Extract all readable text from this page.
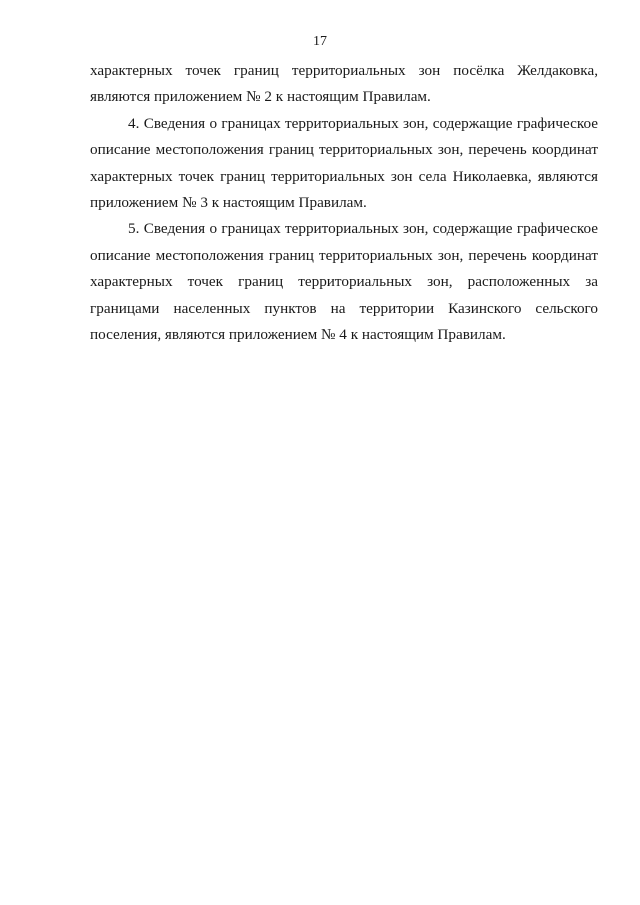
17
характерных точек границ территориальных зон посёлка Желдаковка,
являются приложением № 2 к настоящим Правилам.
4. Сведения о границах территориальных зон, содержащие графическое
описание местоположения границ территориальных зон, перечень координат
характерных точек границ территориальных зон села Николаевка, являются
приложением № 3 к настоящим Правилам.
5. Сведения о границах территориальных зон, содержащие графическое
описание местоположения границ территориальных зон, перечень координат
характерных точек границ территориальных зон, расположенных за
границами населенных пунктов на территории Казинского сельского
поселения, являются приложением № 4 к настоящим Правилам.
